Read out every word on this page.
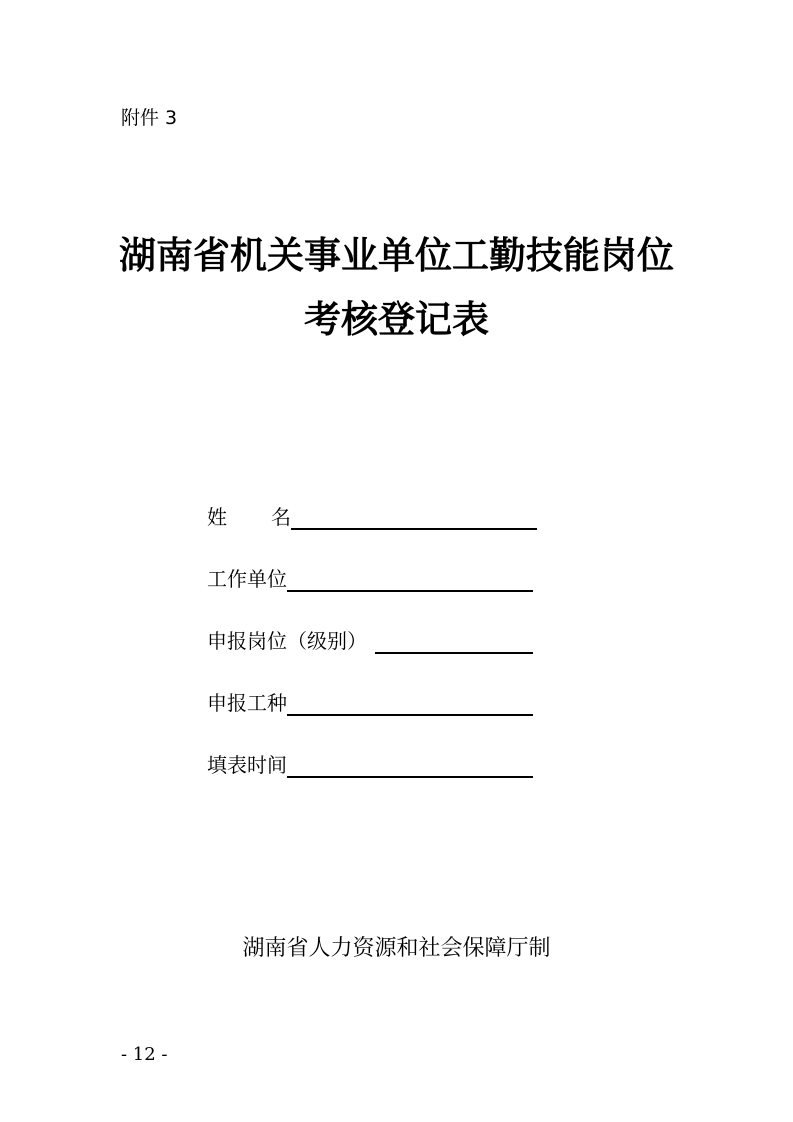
附件 3
湖南省机关事业单位工勤技能岗位
考核登记表
姓 名
工作单位
申报岗位（级别）
申报工种
填表时间
湖南省人力资源和社会保障厅制
- 12 -
